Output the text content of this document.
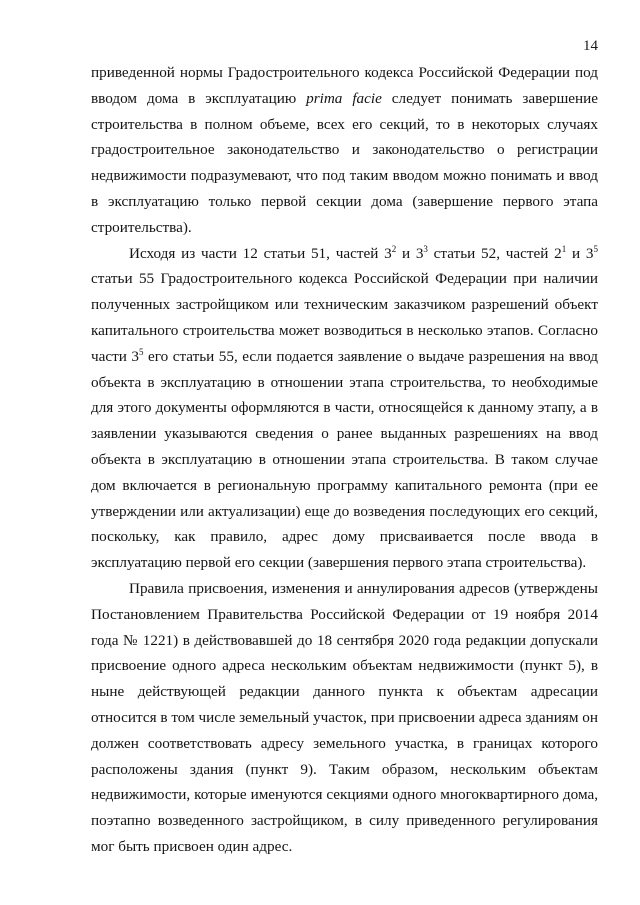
14

приведенной нормы Градостроительного кодекса Российской Федерации под вводом дома в эксплуатацию prima facie следует понимать завершение строительства в полном объеме, всех его секций, то в некоторых случаях градостроительное законодательство и законодательство о регистрации недвижимости подразумевают, что под таким вводом можно понимать и ввод в эксплуатацию только первой секции дома (завершение первого этапа строительства).

Исходя из части 12 статьи 51, частей $3^2$ и $3^3$ статьи 52, частей $2^1$ и $3^5$ статьи 55 Градостроительного кодекса Российской Федерации при наличии полученных застройщиком или техническим заказчиком разрешений объект капитального строительства может возводиться в несколько этапов. Согласно части $3^5$ его статьи 55, если подается заявление о выдаче разрешения на ввод объекта в эксплуатацию в отношении этапа строительства, то необходимые для этого документы оформляются в части, относящейся к данному этапу, а в заявлении указываются сведения о ранее выданных разрешениях на ввод объекта в эксплуатацию в отношении этапа строительства. В таком случае дом включается в региональную программу капитального ремонта (при ее утверждении или актуализации) еще до возведения последующих его секций, поскольку, как правило, адрес дому присваивается после ввода в эксплуатацию первой его секции (завершения первого этапа строительства).

Правила присвоения, изменения и аннулирования адресов (утверждены Постановлением Правительства Российской Федерации от 19 ноября 2014 года № 1221) в действовавшей до 18 сентября 2020 года редакции допускали присвоение одного адреса нескольким объектам недвижимости (пункт 5), в ныне действующей редакции данного пункта к объектам адресации относится в том числе земельный участок, при присвоении адреса зданиям он должен соответствовать адресу земельного участка, в границах которого расположены здания (пункт 9). Таким образом, нескольким объектам недвижимости, которые именуются секциями одного многоквартирного дома, поэтапно возведенного застройщиком, в силу приведенного регулирования мог быть присвоен один адрес.
